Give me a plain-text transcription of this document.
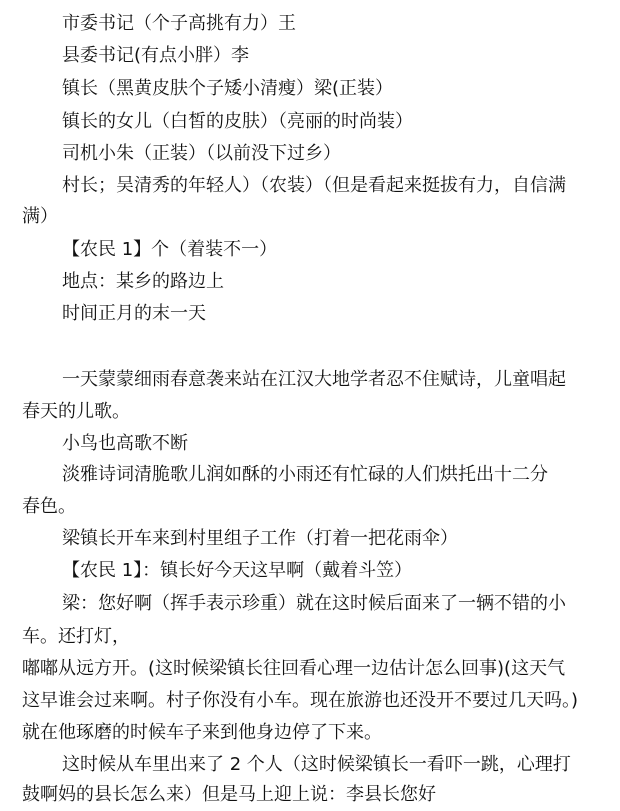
市委书记（个子高挑有力）王
县委书记(有点小胖）李
镇长（黑黄皮肤个子矮小清瘦）梁(正装）
镇长的女儿（白皙的皮肤）（亮丽的时尚装）
司机小朱（正装）（以前没下过乡）
村长；吴清秀的年轻人）（农装）（但是看起来挺拔有力，自信满
满）
【农民 1】个（着装不一）
地点：某乡的路边上
时间正月的末一天
一天蒙蒙细雨春意袭来站在江汉大地学者忍不住赋诗，儿童唱起
春天的儿歌。
小鸟也高歌不断
淡雅诗词清脆歌儿润如酥的小雨还有忙碌的人们烘托出十二分
春色。
梁镇长开车来到村里组子工作（打着一把花雨伞）
【农民 1】：镇长好今天这早啊（戴着斗笠）
梁：您好啊（挥手表示珍重）就在这时候后面来了一辆不错的小
车。还打灯，
嘟嘟从远方开。(这时候梁镇长往回看心理一边估计怎么回事)(这天气
这早谁会过来啊。村子你没有小车。现在旅游也还没开不要过几天吗。)
就在他琢磨的时候车子来到他身边停了下来。
这时候从车里出来了 2 个人（这时候梁镇长一看吓一跳，心理打
鼓啊妈的县长怎么来）但是马上迎上说：李县长您好
